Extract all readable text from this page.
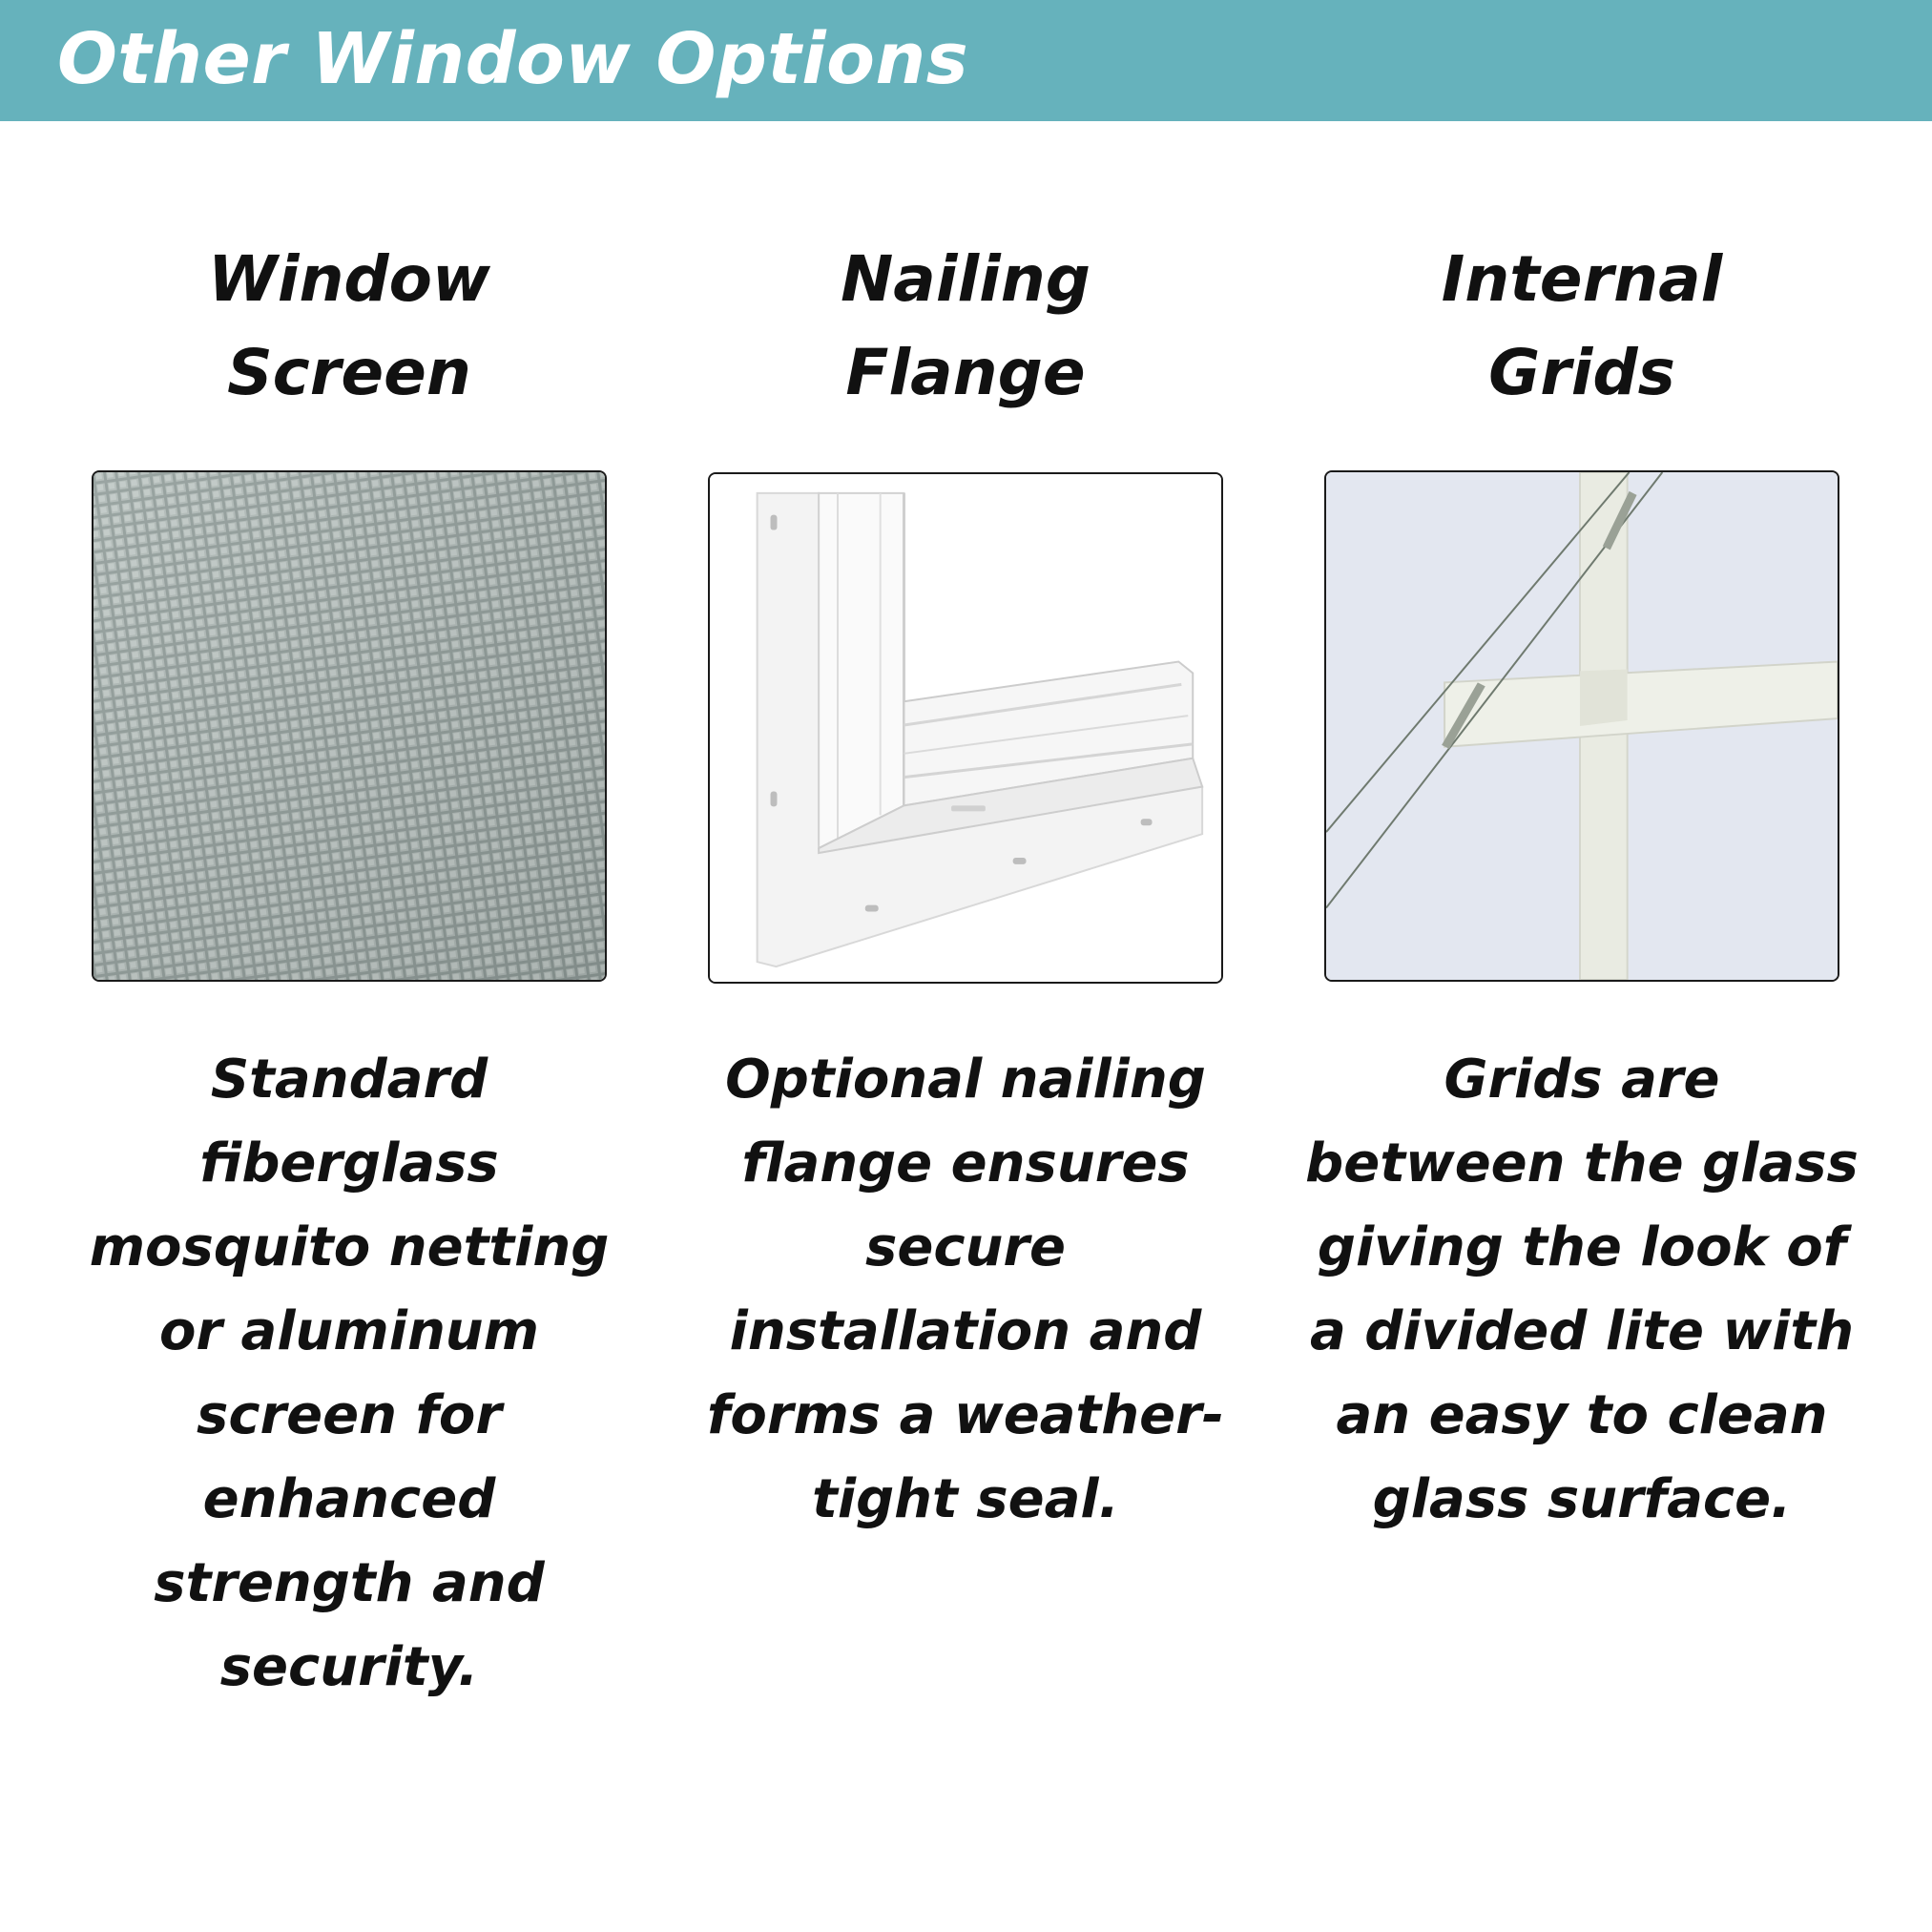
Other Window Options
Window
Screen
Standard fiberglass mosquito netting or aluminum screen for enhanced strength and security.
Nailing
Flange
Optional nailing flange ensures secure installation and forms a weather-tight seal.
Internal
Grids
Grids are between the glass giving the look of a divided lite with an easy to clean glass surface.
